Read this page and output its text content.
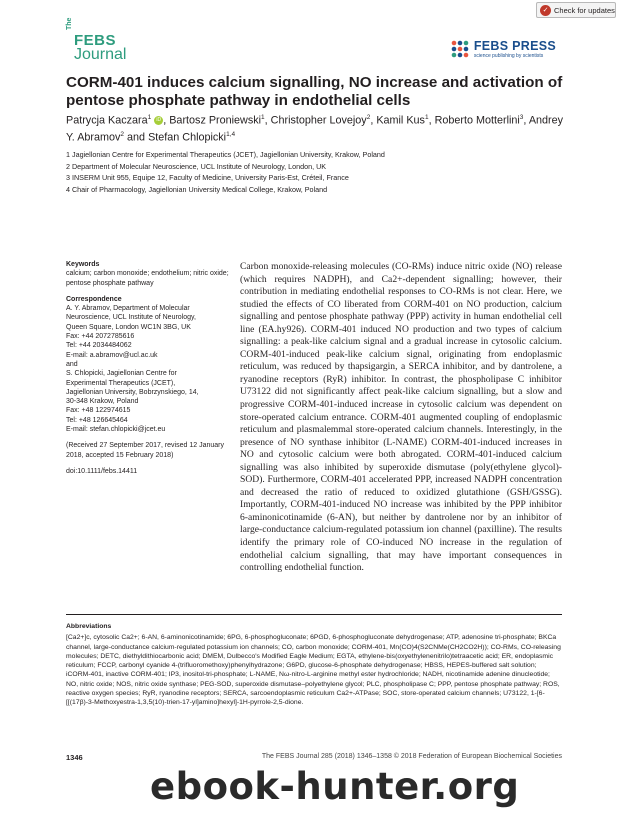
✓ Check for updates
The
FEBS
Journal	FEBS PRESS
science publishing by scientists
CORM-401 induces calcium signalling, NO increase and activation of pentose phosphate pathway in endothelial cells
Patrycja Kaczara$^1$ iD , Bartosz Proniewski$^1$, Christopher Lovejoy$^2$, Kamil Kus$^1$, Roberto Motterlini$^3$, Andrey Y. Abramov$^2$ and Stefan Chlopicki$^{1,4}$
1 Jagiellonian Centre for Experimental Therapeutics (JCET), Jagiellonian University, Krakow, Poland
2 Department of Molecular Neuroscience, UCL Institute of Neurology, London, UK
3 INSERM Unit 955, Equipe 12, Faculty of Medicine, University Paris-Est, Créteil, France
4 Chair of Pharmacology, Jagiellonian University Medical College, Krakow, Poland
Keywords
calcium; carbon monoxide; endothelium; nitric oxide; pentose phosphate pathway
Correspondence
A. Y. Abramov, Department of Molecular
Neuroscience, UCL Institute of Neurology,
Queen Square, London WC1N 3BG, UK
Fax: +44 2072785616
Tel: +44 2034484062
E-mail: a.abramov@ucl.ac.uk
and
S. Chlopicki, Jagiellonian Centre for
Experimental Therapeutics (JCET),
Jagiellonian University, Bobrzynskiego, 14,
30-348 Krakow, Poland
Fax: +48 122974615
Tel: +48 126645464
E-mail: stefan.chlopicki@jcet.eu
(Received 27 September 2017, revised 12 January 2018, accepted 15 February 2018)
doi:10.1111/febs.14411

Carbon monoxide-releasing molecules (CO-RMs) induce nitric oxide (NO) release (which requires NADPH), and Ca2+-dependent signalling; however, their contribution in mediating endothelial responses to CO-RMs is not clear. Here, we studied the effects of CO liberated from CORM-401 on NO production, calcium signalling and pentose phosphate pathway (PPP) activity in human endothelial cell line (EA.hy926). CORM-401 induced NO production and two types of calcium signalling: a peak-like calcium signal and a gradual increase in cytosolic calcium. CORM-401-induced peak-like calcium signal, originating from endoplasmic reticulum, was reduced by thapsigargin, a SERCA inhibitor, and by dantrolene, a ryanodine receptors (RyR) inhibitor. In contrast, the phospholipase C inhibitor U73122 did not significantly affect peak-like calcium signalling, but a slow and progressive CORM-401-induced increase in cytosolic calcium was dependent on store-operated calcium entrance. CORM-401 augmented coupling of endoplasmic reticulum and plasmalemmal store-operated calcium channels. Interestingly, in the presence of NO synthase inhibitor (L-NAME) CORM-401-induced increases in NO and cytosolic calcium were both abrogated. CORM-401-induced calcium signalling was also inhibited by superoxide dismutase (poly(ethylene glycol)-SOD). Furthermore, CORM-401 accelerated PPP, increased NADPH concentration and decreased the ratio of reduced to oxidized glutathione (GSH/GSSG). Importantly, CORM-401-induced NO increase was inhibited by the PPP inhibitor 6-aminonicotinamide (6-AN), but neither by dantrolene nor by an inhibitor of large-conductance calcium-regulated potassium ion channel (paxilline). The results identify the primary role of CO-induced NO increase in the regulation of endothelial calcium signalling, that may have important consequences in controlling endothelial function.

Abbreviations
[Ca2+]c, cytosolic Ca2+; 6-AN, 6-aminonicotinamide; 6PG, 6-phosphogluconate; 6PGD, 6-phosphogluconate dehydrogenase; ATP, adenosine tri-phosphate; BKCa channel, large-conductance calcium-regulated potassium ion channels; CO, carbon monoxide; CORM-401, Mn(CO)4(S2CNMe(CH2CO2H)); CO-RMs, CO-releasing molecules; DETC, diethyldithiocarbonic acid; DMEM, Dulbecco's Modified Eagle Medium; EGTA, ethylene-bis(oxyethylenenitrilo)tetraacetic acid; ER, endoplasmic reticulum; FCCP, carbonyl cyanide 4-(trifluoromethoxy)phenylhydrazone; G6PD, glucose-6-phosphate dehydrogenase; HBSS, HEPES-buffered salt solution; iCORM-401, inactive CORM-401; IP3, inositol-tri-phosphate; L-NAME, Nω-nitro-L-arginine methyl ester hydrochloride; NADH, nicotinamide adenine dinucleotide; NO, nitric oxide; NOS, nitric oxide synthase; PEG-SOD, superoxide dismutase–polyethylene glycol; PLC, phospholipase C; PPP, pentose phosphate pathway; ROS, reactive oxygen species; RyR, ryanodine receptors; SERCA, sarcoendoplasmic reticulum Ca2+-ATPase; SOC, store-operated calcium channels; U73122, 1-[6-[[(17β)-3-Methoxyestra-1,3,5(10)-trien-17-yl]amino]hexyl]-1H-pyrrole-2,5-dione.
1346	The FEBS Journal 285 (2018) 1346–1358 © 2018 Federation of European Biochemical Societies
ebook-hunter.org
